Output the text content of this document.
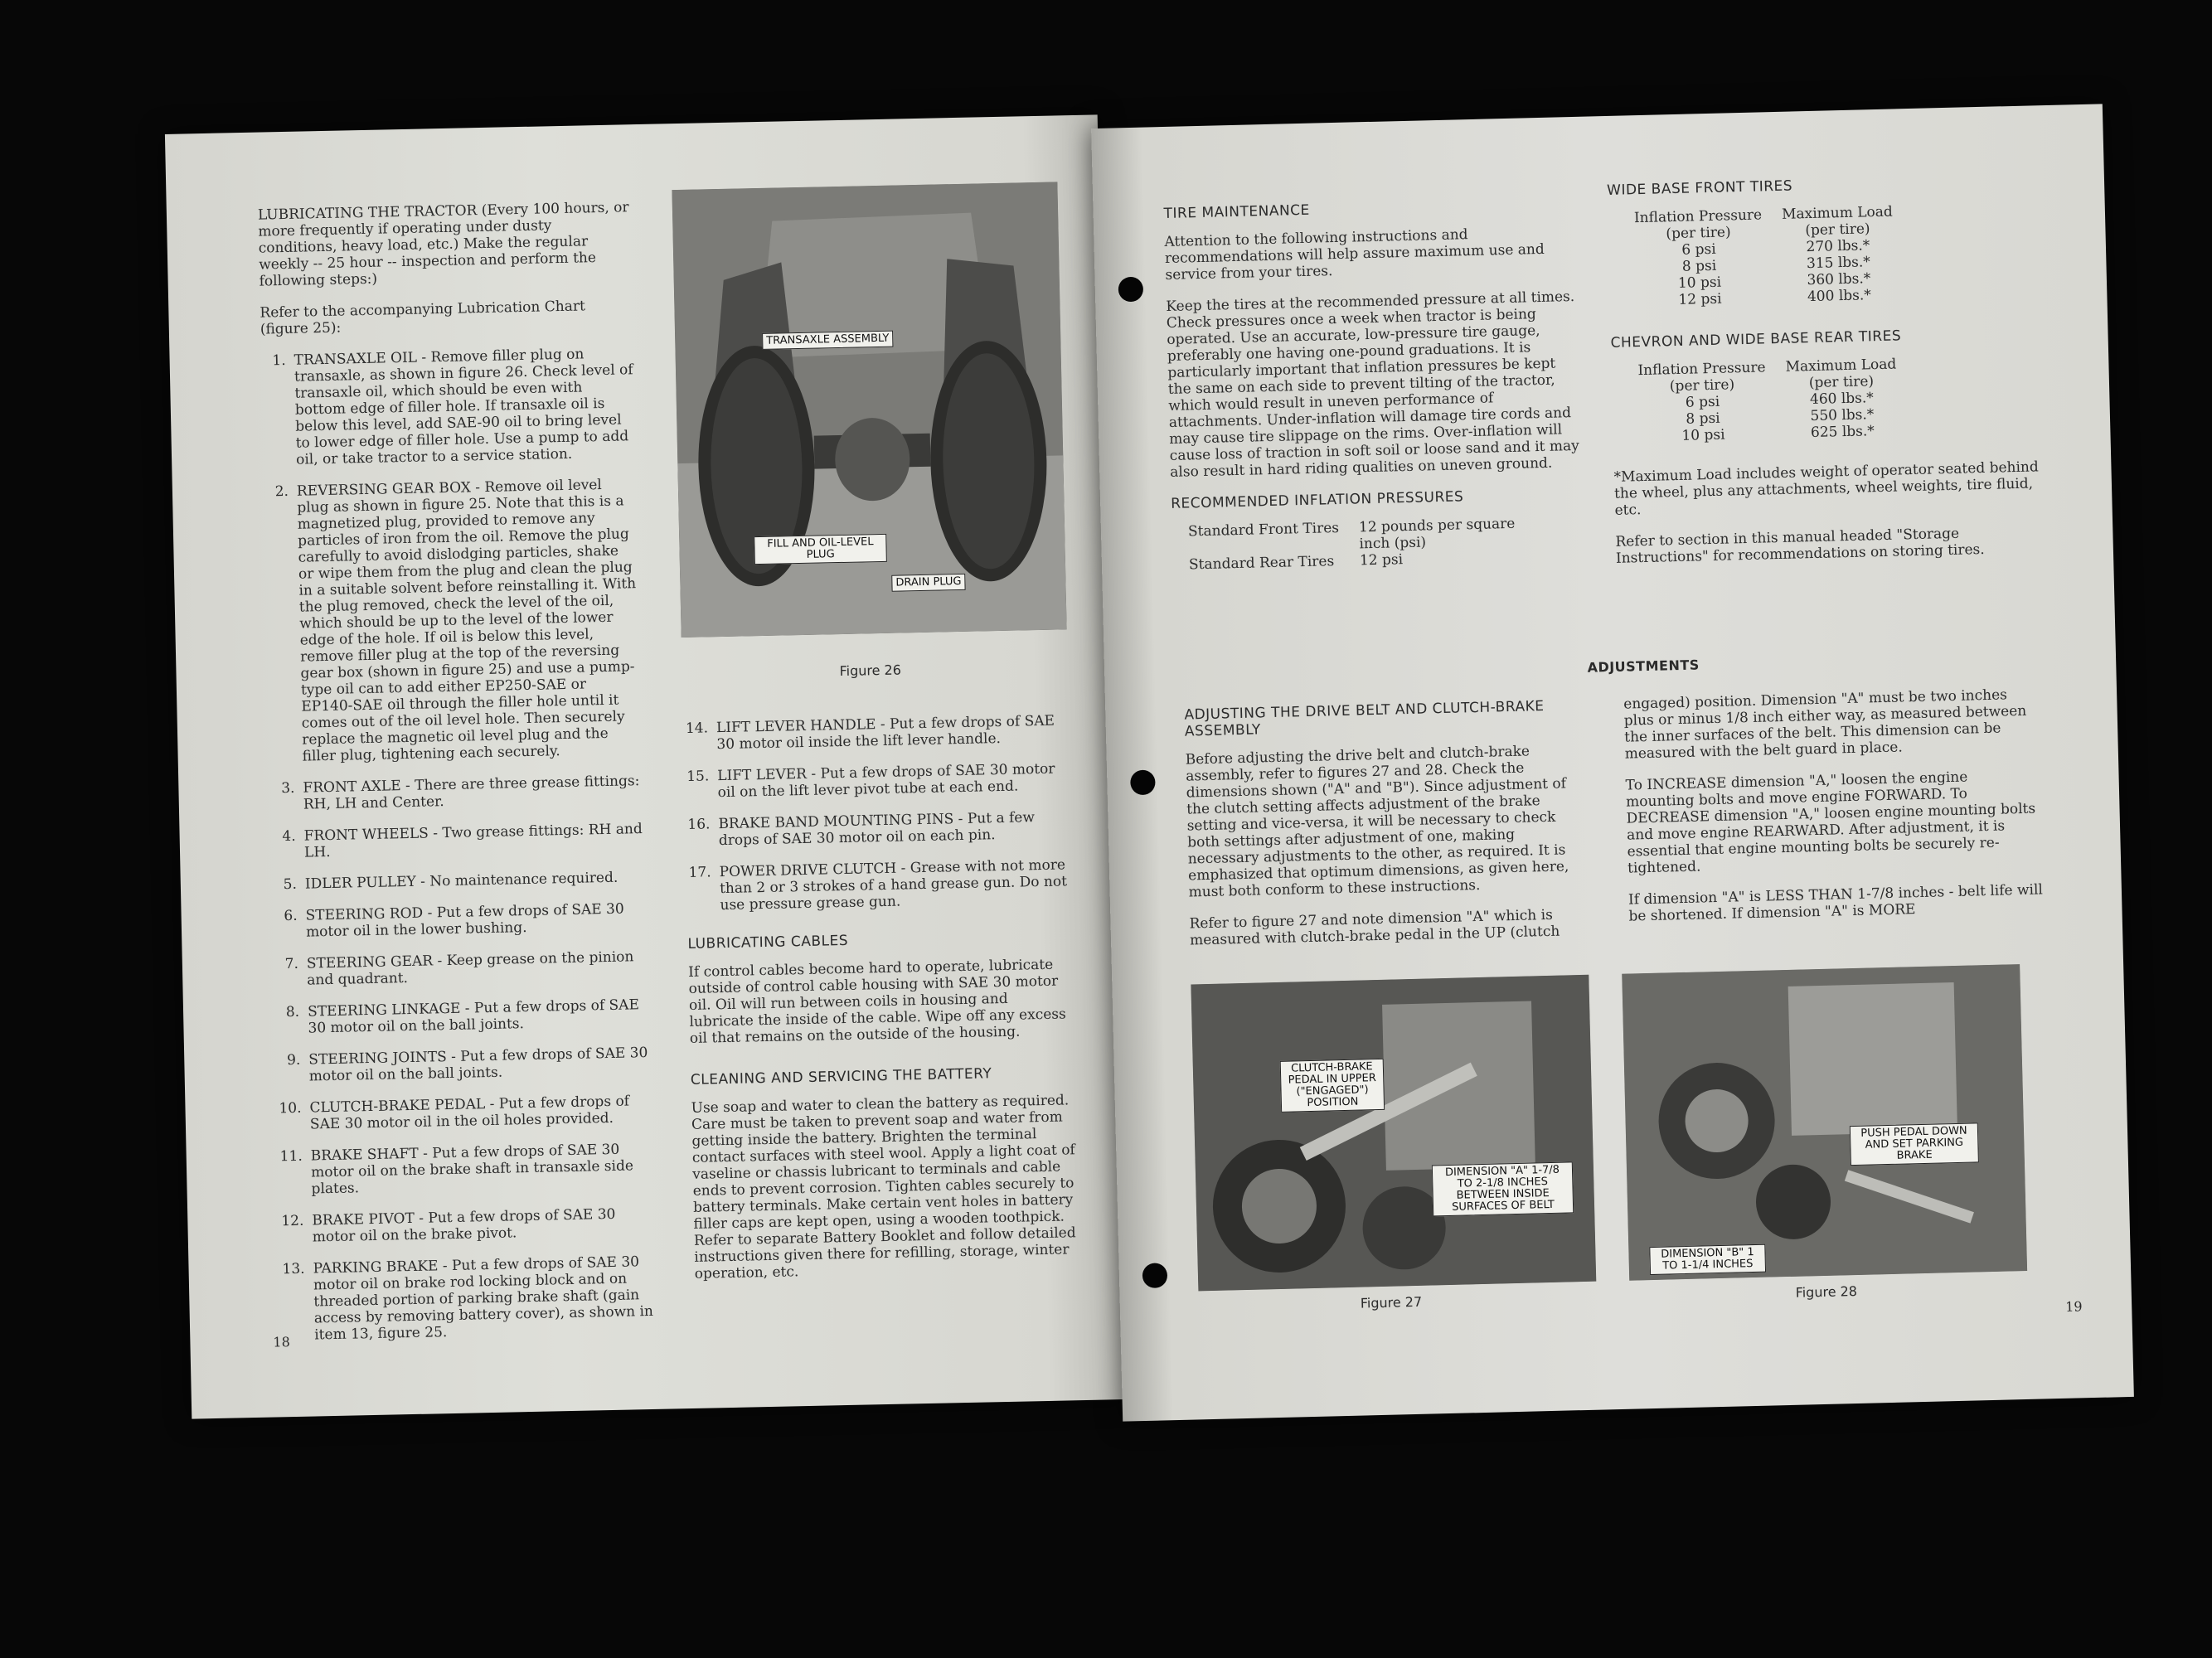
LUBRICATING THE TRACTOR (Every 100 hours, or more frequently if operating under dusty conditions, heavy load, etc.) Make the regular weekly -- 25 hour -- inspection and perform the following steps:)

Refer to the accompanying Lubrication Chart (figure 25):

1. TRANSAXLE OIL - Remove filler plug on transaxle, as shown in figure 26. Check level of transaxle oil, which should be even with bottom edge of filler hole. If transaxle oil is below this level, add SAE-90 oil to bring level to lower edge of filler hole. Use a pump to add oil, or take tractor to a service station.
2. REVERSING GEAR BOX - Remove oil level plug as shown in figure 25. Note that this is a magnetized plug, provided to remove any particles of iron from the oil. Remove the plug carefully to avoid dislodging particles, shake or wipe them from the plug and clean the plug in a suitable solvent before reinstalling it. With the plug removed, check the level of the oil, which should be up to the level of the lower edge of the hole. If oil is below this level, remove filler plug at the top of the reversing gear box (shown in figure 25) and use a pump-type oil can to add either EP250-SAE or EP140-SAE oil through the filler hole until it comes out of the oil level hole. Then securely replace the magnetic oil level plug and the filler plug, tightening each securely.
3. FRONT AXLE - There are three grease fittings: RH, LH and Center.
4. FRONT WHEELS - Two grease fittings: RH and LH.
5. IDLER PULLEY - No maintenance required.
6. STEERING ROD - Put a few drops of SAE 30 motor oil in the lower bushing.
7. STEERING GEAR - Keep grease on the pinion and quadrant.
8. STEERING LINKAGE - Put a few drops of SAE 30 motor oil on the ball joints.
9. STEERING JOINTS - Put a few drops of SAE 30 motor oil on the ball joints.
10. CLUTCH-BRAKE PEDAL - Put a few drops of SAE 30 motor oil in the oil holes provided.
11. BRAKE SHAFT - Put a few drops of SAE 30 motor oil on the brake shaft in transaxle side plates.
12. BRAKE PIVOT - Put a few drops of SAE 30 motor oil on the brake pivot.
13. PARKING BRAKE - Put a few drops of SAE 30 motor oil on brake rod locking block and on threaded portion of parking brake shaft (gain access by removing battery cover), as shown in item 13, figure 25.
TRANSAXLE ASSEMBLY
FILL AND OIL-LEVEL PLUG
DRAIN PLUG
Figure 26
14. LIFT LEVER HANDLE - Put a few drops of SAE 30 motor oil inside the lift lever handle.
15. LIFT LEVER - Put a few drops of SAE 30 motor oil on the lift lever pivot tube at each end.
16. BRAKE BAND MOUNTING PINS - Put a few drops of SAE 30 motor oil on each pin.
17. POWER DRIVE CLUTCH - Grease with not more than 2 or 3 strokes of a hand grease gun. Do not use pressure grease gun.
LUBRICATING CABLES

If control cables become hard to operate, lubricate outside of control cable housing with SAE 30 motor oil. Oil will run between coils in housing and lubricate the inside of the cable. Wipe off any excess oil that remains on the outside of the housing.

CLEANING AND SERVICING THE BATTERY

Use soap and water to clean the battery as required. Care must be taken to prevent soap and water from getting inside the battery. Brighten the terminal contact surfaces with steel wool. Apply a light coat of vaseline or chassis lubricant to terminals and cable ends to prevent corrosion. Tighten cables securely to battery terminals. Make certain vent holes in battery filler caps are kept open, using a wooden toothpick. Refer to separate Battery Booklet and follow detailed instructions given there for refilling, storage, winter operation, etc.

18
TIRE MAINTENANCE

Attention to the following instructions and recommendations will help assure maximum use and service from your tires.

Keep the tires at the recommended pressure at all times. Check pressures once a week when tractor is being operated. Use an accurate, low-pressure tire gauge, preferably one having one-pound graduations. It is particularly important that inflation pressures be kept the same on each side to prevent tilting of the tractor, which would result in uneven performance of attachments. Under-inflation will damage tire cords and may cause tire slippage on the rims. Over-inflation will cause loss of traction in soft soil or loose sand and it may also result in hard riding qualities on uneven ground.

RECOMMENDED INFLATION PRESSURES
Standard Front Tires	12 pounds per square inch (psi)
Standard Rear Tires	12 psi
WIDE BASE FRONT TIRES
Inflation Pressure	Maximum Load
(per tire)	(per tire)
6 psi	270 lbs.*
8 psi	315 lbs.*
10 psi	360 lbs.*
12 psi	400 lbs.*
CHEVRON AND WIDE BASE REAR TIRES
Inflation Pressure	Maximum Load
(per tire)	(per tire)
6 psi	460 lbs.*
8 psi	550 lbs.*
10 psi	625 lbs.*

*Maximum Load includes weight of operator seated behind the wheel, plus any attachments, wheel weights, tire fluid, etc.

Refer to section in this manual headed "Storage Instructions" for recommendations on storing tires.

ADJUSTMENTS
ADJUSTING THE DRIVE BELT AND CLUTCH-BRAKE ASSEMBLY

Before adjusting the drive belt and clutch-brake assembly, refer to figures 27 and 28. Check the dimensions shown ("A" and "B"). Since adjustment of the clutch setting affects adjustment of the brake setting and vice-versa, it will be necessary to check both settings after adjustment of one, making necessary adjustments to the other, as required. It is emphasized that optimum dimensions, as given here, must both conform to these instructions.

Refer to figure 27 and note dimension "A" which is measured with clutch-brake pedal in the UP (clutch

engaged) position. Dimension "A" must be two inches plus or minus 1/8 inch either way, as measured between the inner surfaces of the belt. This dimension can be measured with the belt guard in place.

To INCREASE dimension "A," loosen the engine mounting bolts and move engine FORWARD. To DECREASE dimension "A," loosen engine mounting bolts and move engine REARWARD. After adjustment, it is essential that engine mounting bolts be securely re-tightened.

If dimension "A" is LESS THAN 1-7/8 inches - belt life will be shortened. If dimension "A" is MORE

CLUTCH-BRAKE PEDAL IN UPPER ("ENGAGED") POSITION
DIMENSION "A" 1-7/8 TO 2-1/8 INCHES BETWEEN INSIDE SURFACES OF BELT
Figure 27
PUSH PEDAL DOWN AND SET PARKING BRAKE
DIMENSION "B" 1 TO 1-1/4 INCHES
Figure 28
19
